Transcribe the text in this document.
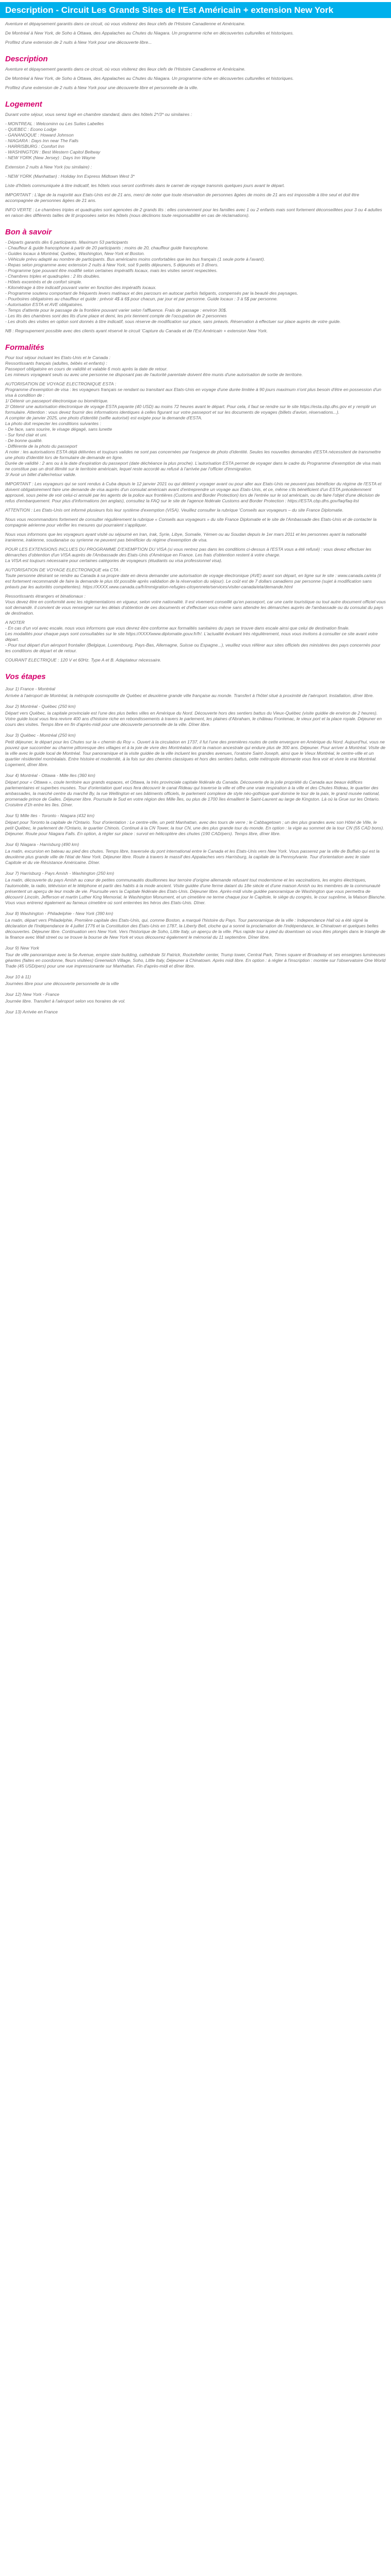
Description - Circuit Les Grands Sites de l'Est Américain + extension New York

Aventure et dépaysement garantis dans ce circuit, où vous visiterez des lieux clefs de l'Histoire Canadienne et Américaine.

De Montréal à New York, de Soho à Ottawa, des Appalaches au Chutes du Niagara. Un programme riche en découvertes culturelles et historiques.

Profitez d'une extension de 2 nuits à New York pour une découverte libre...

Description

Aventure et dépaysement garantis dans ce circuit, où vous visiterez des lieux clefs de l'Histoire Canadienne et Américaine.

De Montréal à New York, de Soho à Ottawa, des Appalaches au Chutes du Niagara. Un programme riche en découvertes culturelles et historiques.

Profitez d'une extension de 2 nuits à New York pour une découverte libre et personnelle de la ville.

Logement

Durant votre séjour, vous serez logé en chambre standard, dans des hôtels 2*/3* ou similaires :

- MONTREAL : Welcominn ou Les Suites Labelles
- QUEBEC : Econo Lodge
- GANANOQUE : Howard Johnson
- NIAGARA : Days Inn near The Falls
- HARRISBURG : Comfort Inn
- WASHINGTON : Best Western Capitol Beltway
- NEW YORK (New Jersey) : Days Inn Wayne

Extension 2 nuits à New York (ou similaire) :

- NEW YORK (Manhattan) : Holiday Inn Express Midtown West 3*

Liste d'hôtels communiquée à titre indicatif, les hôtels vous seront confirmés dans le carnet de voyage transmis quelques jours avant le départ.

IMPORTANT : L'âge de la majorité aux Etats-Unis est de 21 ans, merci de noter que toute réservation de personnes âgées de moins de 21 ans est impossible à titre seul et doit être accompagnée de personnes âgées de 21 ans.

INFO VERTE : Le chambres triples et quadruples sont agencées de 2 grands lits : elles conviennent pour les familles avec 1 ou 2 enfants mais sont fortement déconseillées pour 3 ou 4 adultes en raison des différents tailles de lit proposées selon les hôtels (nous déclinons toute responsabilité en cas de réclamations).

Bon à savoir
- Départs garantis dès 6 participants. Maximum 53 participants
- Chauffeur & guide francophone à partir de 20 participants ; moins de 20, chauffeur guide francophone.
- Guides locaux à Montréal, Québec, Washington, New-York et Boston.
- Véhicule prévu adapté au nombre de participants. Bus américains moins confortables que les bus français (1 seule porte à l'avant).
- Repas selon programme avec extension 2 nuits à New York, soit 9 petits déjeuners, 5 déjeunés et 3 dîners.
- Programme type pouvant être modifié selon certaines impératifs locaux, mais les visites seront respectées.
- Chambres triples et quadruples : 2 lits doubles.
- Hôtels excentrés et de confort simple.
- Kilométrage à titre indicatif pouvant varier en fonction des impératifs locaux.
- Programme soutenu comportant de fréquents levers matinaux et des parcours en autocar parfois fatigants, compensés par la beauté des paysages.
- Pourboires obligatoires au chauffeur et guide : prévoir 4$ à 6$ pour chacun, par jour et par personne. Guide locaux : 3 à 5$ par personne.
- Autorisation ESTA et AVE obligatoires.
- Temps d'attente pour le passage de la frontière pouvant varier selon l'affluence. Frais de passage : environ 30$.
- Les lits des chambres sont des lits d'une place et demi, les prix tiennent compte de l'occupation de 2 personnes
- Les droits des visites en option sont donnés à titre indicatif, sous réserve de modification sur place, sans préavis. Réservation à effectuer sur place auprès de votre guide.

NB : Regroupement possible avec des clients ayant réservé le circuit 'Capture du Canada et de l'Est Américain + extension New York.

Formalités

Pour tout séjour incluant les Etats-Unis et le Canada :

Ressortissants français (adultes, bébés et enfants) :

Passeport obligatoire en cours de validité et valable 6 mois après la date de retour.

Les mineurs voyageant seuls ou avec une personne ne disposant pas de l'autorité parentale doivent être munis d'une autorisation de sortie de territoire.

AUTORISATION DE VOYAGE ELECTRONIQUE ESTA :

Programme d'exemption de visa : les voyageurs français se rendant ou transitant aux Etats-Unis en voyage d'une durée limitée à 90 jours maximum n'ont plus besoin d'être en possession d'un visa à condition de :

1/ Détenir un passeport électronique ou biométrique.

2/ Obtenir une autorisation électronique de voyage ESTA payante (40 USD) au moins 72 heures avant le départ. Pour cela, il faut se rendre sur le site https://esta.cbp.dhs.gov et y remplir un formulaire. Attention : vous devez fournir des informations identiques à celles figurant sur votre passeport et sur les documents de voyages (billets d'avion, réservations...).

A compter de janvier 2025, une photo d'identité (selfie autorisé) est exigée pour la demande d'ESTA.

La photo doit respecter les conditions suivantes :

- De face, sans sourire, le visage dégagé, sans lunette

- Sur fond clair et uni.

- De bonne qualité.

- Différente de la photo du passeport

A noter : les autorisations ESTA déjà délivrées et toujours valides ne sont pas concernées par l'exigence de photo d'identité. Seules les nouvelles demandes d'ESTA nécessitent de transmettre une photo d'identité lors de formulaire de demande en ligne.

Durée de validité : 2 ans ou à la date d'expiration du passeport (date déchéance la plus proche). L'autorisation ESTA permet de voyager dans le cadre du Programme d'exemption de visa mais ne constitue pas un droit illimité sur le territoire américain, lequel reste accordé au refusé à l'arrivée par l'officier d'immigration.

3/ Avoir un billet d'aller/retour valide.

IMPORTANT : Les voyageurs qui se sont rendus à Cuba depuis le 12 janvier 2021 ou qui détient y voyager avant ou pour aller aux Etats-Unis ne peuvent pas bénéficier du régime de l'ESTA et doivent obligatoirement faire une demande de visa auprès d'un consulat américain avant d'entreprendre un voyage aux Etats-Unis, et ce, même s'ils bénéficient d'un ESTA précédemment approuvé, sous peine de voir celui-ci annulé par les agents de la police aux frontières (Customs and Border Protection) lors de l'entrée sur le sol américain, ou de faire l'objet d'une décision de refus d'embarquement. Pour plus d'informations (en anglais), consultez la FAQ sur le site de l'agence fédérale Customs and Border Protection : https://ESTA.cbp.dhs.gov/faq/faq-list

ATTENTION : Les Etats-Unis ont informé plusieurs fois leur système d'exemption (VISA). Veuillez consulter la rubrique 'Conseils aux voyageurs – du site France Diplomatie.

Nous vous recommandons fortement de consulter régulièrement la rubrique « Conseils aux voyageurs » du site France Diplomatie et le site de l'Ambassade des Etats-Unis et de contacter la compagnie aérienne pour vérifier les mesures qui pourraient s'appliquer.

Nous vous informons que les voyageurs ayant visité ou séjourné en Iran, Irak, Syrie, Libye, Somalie, Yémen ou au Soudan depuis le 1er mars 2011 et les personnes ayant la nationalité iranienne, irakienne, soudanaise ou syrienne ne peuvent pas bénéficier du régime d'exemption de visa.

POUR LES EXTENSIONS INCLUES DU PROGRAMME D'EXEMPTION DU VISA (si vous rentrez pas dans les conditions ci-dessus à l'ESTA vous a été refusé) : vous devez effectuer les démarches d'obtention d'un VISA auprès de l'Ambassade des Etats-Unis d'Amérique en France. Les frais d'obtention restent à votre charge.

La VISA est toujours nécessaire pour certaines catégories de voyageurs (étudiants ou visa professionnel visa).

AUTORISATION DE VOYAGE ELECTRONIQUE eta CTA :

Toute personne désirant se rendre au Canada à sa propre date en devra demander une autorisation de voyage électronique (AVE) avant son départ, en ligne sur le site : www.canada.ca/eta (il est fortement recommandé de faire la demande le plus tôt possible après validation de la réservation du séjour). Le coût est de 7 dollars canadiens par personne (sujet à modification sans préavis par les autorités compétentes). https://XXXX.www.canada.ca/fr/immigration-refugies-citoyennete/services/visiter-canada/eta/demande.html

Ressortissants étrangers et binationaux :

Vous devez être en conformité avec les réglementations en vigueur, selon votre nationalité. Il est vivement conseillé qu'en passeport, car une carte touristique ou tout autre document officiel vous soit demandé. Il convient de vous renseigner sur les délais d'obtention de ces documents et d'effectuer vous-même sans attendre les démarches auprès de l'ambassade ou du consulat du pays de destination.

A NOTER

- En cas d'un vol avec escale, nous vous informons que vous devrez être conforme aux formalités sanitaires du pays se trouve dans escale ainsi que celui de destination finale.

Les modalités pour chaque pays sont consultables sur le site https://XXXXwww.diplomatie.gouv.fr/fr/. L'actualité évoluant très régulièrement, nous vous invitons à consulter ce site avant votre départ.

- Pour tout départ d'un aéroport frontalier (Belgique, Luxembourg, Pays-Bas, Allemagne, Suisse ou Espagne...), veuillez vous référer aux sites officiels des ministères des pays concernés pour les conditions de départ et de retour.

COURANT ELECTRIQUE : 120 V et 60Hz. Type A et B. Adaptateur nécessaire.

Vos étapes
Jour 1) France - Montréal

Arrivée à l'aéroport de Montréal, la métropole cosmopolite de Québec et deuxième grande ville française au monde. Transfert à l'hôtel situé à proximité de l'aéroport. Installation, dîner libre.

Jour 2) Montréal - Québec (250 km)

Départ vers Québec, la capitale provinciale est l'une des plus belles villes en Amérique du Nord. Découverte hors des sentiers battus du Vieux-Québec (visite guidée de environ de 2 heures). Votre guide local vous fera revivre 400 ans d'histoire riche en rebondissements à travers le parlement, les plaines d'Abraham, le château Frontenac, le vieux port et la place royale. Déjeuner en cours des visites. Temps libre en fin d'après-midi pour une découverte personnelle de la ville. Dîner libre.

Jour 3) Québec - Montréal (250 km)

Petit déjeuner, le départ pour les Chutes sur la « chemin du Roy ». Ouvert à la circulation en 1737, il fut l'une des premières routes de cette envergure en Amérique du Nord. Aujourd'hui, vous ne pouvez que succomber au charme pittoresque des villages et à la joie de vivre des Montréalais dont la maison ancestrale qui endure plus de 300 ans. Déjeuner. Pour arriver à Montréal. Visite de la ville avec le guide local de Montréal. Tour panoramique et la visite guidée de la ville incluent les grandes avenues, l'oratoire Saint-Joseph, ainsi que le Vieux Montréal, le centre-ville et un quartier résidentiel montréalais. Entre histoire et modernité, à la fois sur des chemins classiques et hors des sentiers battus, cette métropole étonnante vous fera voir et vivre le vrai Montréal. Logement, dîner libre.

Jour 4) Montréal - Ottawa - Mille Iles (360 km)

Départ pour « Ottawa », coule territoire aux grands espaces, et Ottawa, la très provinciale capitale fédérale du Canada. Découverte de la jolie propriété du Canada aux beaux édifices parlementaires et superbes musées. Tour d'orientation quel vous fera découvrir le canal Rideau qui traverse la ville et offre une vraie respiration à la ville et des Chutes Rideau, le quartier des ambassades, la marché centre du marché By, la rue Wellington et ses bâtiments officiels, le parlement complexe de style néo-gothique quel domine le tour de la paix, le grand musée national, promenade prince de Galles. Déjeuner libre. Poursuite le Sud en votre région des Mille Îles, ou plus de 1700 îles émaillent le Saint-Laurent au large de Kingston. Là où la Grue sur les Ontario. Croisière d'1h entre les îles. Dîner.

Jour 5) Mille Iles - Toronto - Niagara (432 km)

Départ pour Toronto la capitale de l'Ontario. Tour d'orientation : Le centre-ville, un petit Manhattan, avec des tours de verre ; le Cabbagetown ; un des plus grandes avec son Hôtel de Ville, le petit Québec, le parlement de l'Ontario, le quartier Chinois. Continué à la CN Tower, la tour CN, une des plus grande tour du monde. En option : la vigie au sommet de la tour CN (55 CAD bons). Déjeuner. Route pour Niagara Falls. En option, à régler sur place : survol en hélicoptère des chutes (190 CAD/pers). Temps libre, dîner libre.

Jour 6) Niagara - Harrisburg (490 km)

La matin, excursion en bateau au pied des chutes. Temps libre, traversée du pont international entre le Canada et les Etats-Unis vers New York. Vous passerez par la ville de Buffalo qui est la deuxième plus grande ville de l'état de New York. Déjeuner libre. Route à travers le massif des Appalaches vers Harrisburg, la capitale de la Pennsylvanie. Tour d'orientation avec le state Capitole et du vie Résistance Américaine. Dîner.

Jour 7) Harrisburg - Pays Amish - Washington (250 km)

La matin, découverte du pays Amish au cœur de petites communautés douillonnes leur terroire d'origine allemande refusant tout modernisme et les vaccinations, les engins électriques, l'automobile, la radio, télévision et le téléphone et partir des habits à la mode ancient. Visite guidée d'une ferme datant du 18e siècle et d'une maison Amish ou les membres de la communauté présentent un aperçu de leur mode de vie. Poursuite vers la Capitale fédérale des Etats-Unis. Déjeuner libre. Après-midi visite guidée panoramique de Washington que vous permettra de découvrir Lincoln, Jefferson et martin Luther King Memorial, le Washington Monument, et un cimetière ne terme chaque jour le Capitole, le siège du congrès, le cour suprême, la Maison Blanche. Vous vous entrerez également au fameux cimetière où sont enterrées les héros des Etats-Unis. Dîner.

Jour 8) Washington - Philadelphie - New York (390 km)

La matin, départ vers Philadelphie, Première capitale des Etats-Unis, qui, comme Boston, a marqué l'histoire du Pays. Tour panoramique de la ville : Independance Hall où a été signé la déclaration de l'Indépendance le 4 juillet 1776 et la Constitution des États-Unis en 1787, la Liberty Bell, cloche qui a sonné la proclamation de l'indépendance, le Chinatown et quelques belles découvertes. Déjeuner libre. Continuation vers New York. Vers l'historique de Soho, Little Italy, un aperçu de la ville. Plus rapide tour à pied du downtown où vous êtes plongés dans le triangle de la finance avec Wall street ou se trouve la bourse de New York et vous découvrez également le mémorial du 11 septembre. Dîner libre.

Jour 9) New York

Tour de ville panoramique avec la 5e Avenue, empire state building, cathédrale St Patrick, Rockefeller center, Trump tower, Central Park, Times square et Broadway et ses enseignes lumineuses géantes (faites en coordonne, fleurs visitées) Greenwich Village, Soho, Little Italy, Déjeuner à Chinatown. Après midi libre. En option : à régler à l'inscription : montée sur l'observatoire One World Trade (45 USD/pers) pour une vue impressionante sur Manhattan. Fin d'après-midi et dîner libre.

Jour 10 à 11)

Journées libre pour une découverte personnelle de la ville

Jour 12) New York - France

Journée libre. Transfert à l'aéroport selon vos horaires de vol.

Jour 13) Arrivée en France
